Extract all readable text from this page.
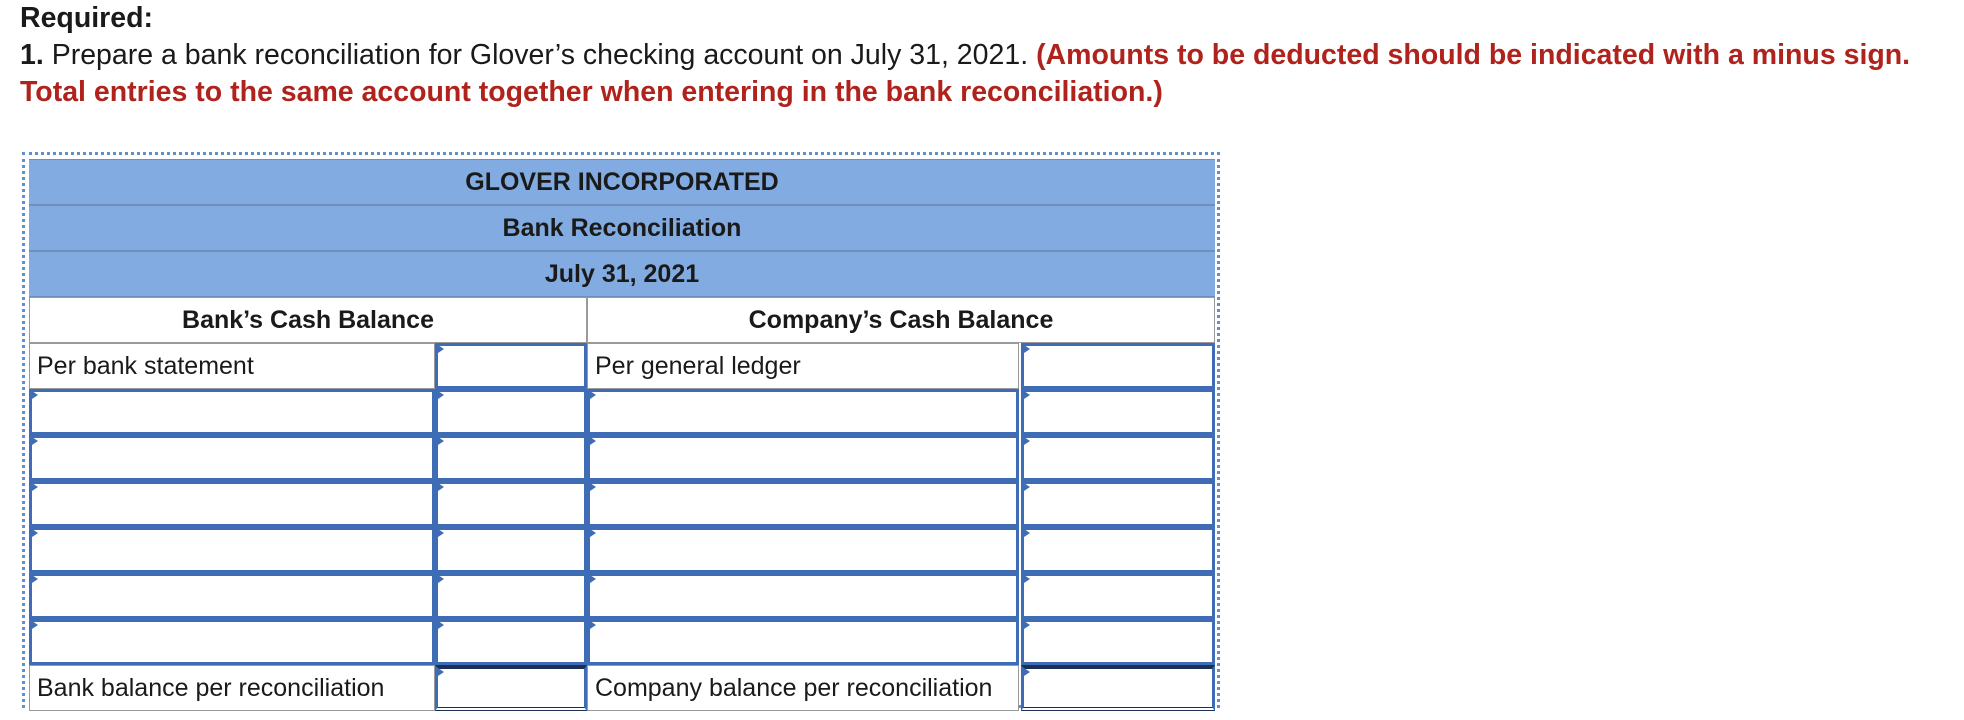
Required:
1. Prepare a bank reconciliation for Glover’s checking account on July 31, 2021. (Amounts to be deducted should be indicated with a minus sign. Total entries to the same account together when entering in the bank reconciliation.)
GLOVER INCORPORATED
Bank Reconciliation
July 31, 2021
Bank’s Cash Balance	Company’s Cash Balance
Per bank statement	Per general ledger
Bank balance per reconciliation	Company balance per reconciliation
